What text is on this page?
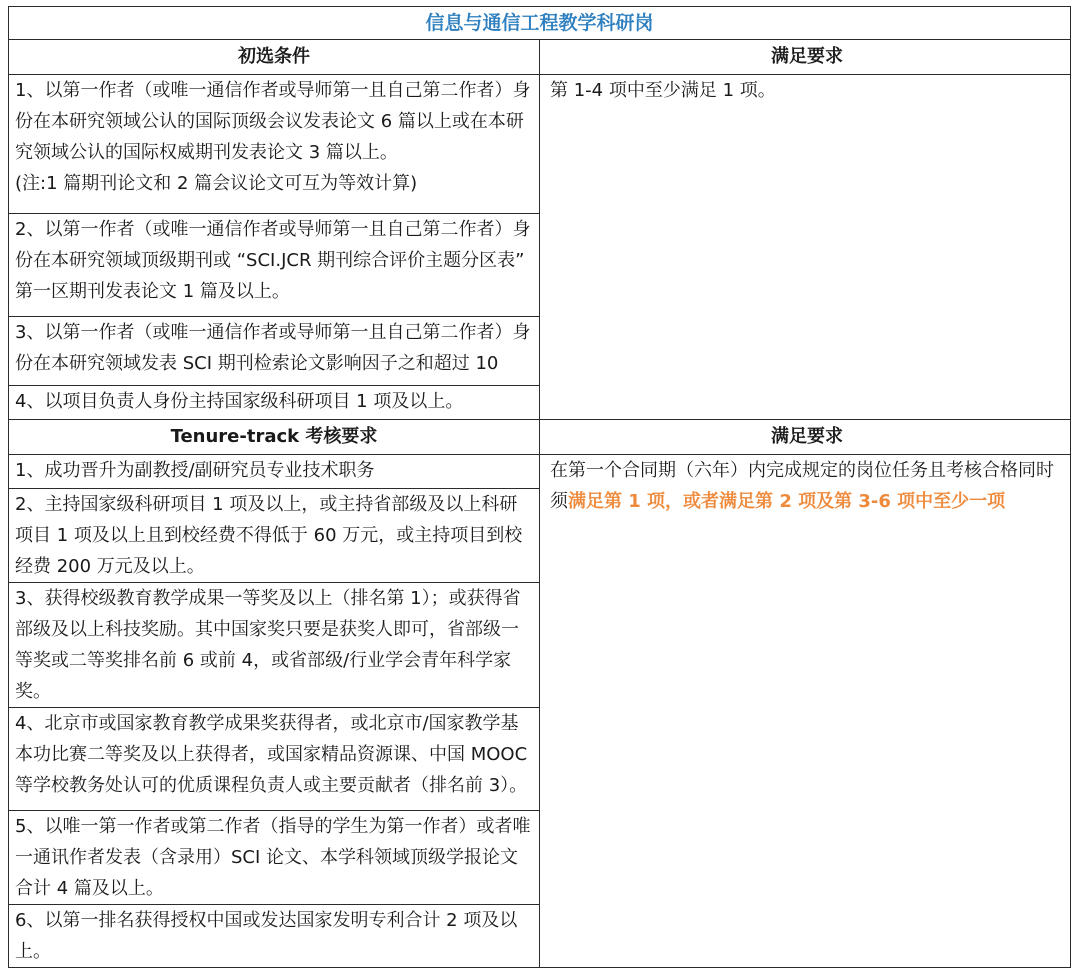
信息与通信工程教学科研岗	
初选条件	满足要求

1、以第一作者（或唯一通信作者或导师第一且自己第二作者）身份在本研究领域公认的国际顶级会议发表论文 6 篇以上或在本研究领域公认的国际权威期刊发表论文 3 篇以上。
(注:1 篇期刊论文和 2 篇会议论文可互为等效计算)	第 1-4 项中至少满足 1 项。

2、以第一作者（或唯一通信作者或导师第一且自己第二作者）身份在本研究领域顶级期刊或 “SCI.JCR 期刊综合评价主题分区表” 第一区期刊发表论文 1 篇及以上。	
3、以第一作者（或唯一通信作者或导师第一且自己第二作者）身份在本研究领域发表 SCI 期刊检索论文影响因子之和超过 10	
4、以项目负责人身份主持国家级科研项目 1 项及以上。	
Tenure-track 考核要求	满足要求
1、成功晋升为副教授/副研究员专业技术职务	在第一个合同期（六年）内完成规定的岗位任务且考核合格同时须满足第 1 项，或者满足第 2 项及第 3-6 项中至少一项
2、主持国家级科研项目 1 项及以上，或主持省部级及以上科研项目 1 项及以上且到校经费不得低于 60 万元，或主持项目到校经费 200 万元及以上。	
3、获得校级教育教学成果一等奖及以上（排名第 1）；或获得省部级及以上科技奖励。其中国家奖只要是获奖人即可，省部级一等奖或二等奖排名前 6 或前 4，或省部级/行业学会青年科学家奖。	
4、北京市或国家教育教学成果奖获得者，或北京市/国家教学基本功比赛二等奖及以上获得者，或国家精品资源课、中国 MOOC 等学校教务处认可的优质课程负责人或主要贡献者（排名前 3）。	
5、以唯一第一作者或第二作者（指导的学生为第一作者）或者唯一通讯作者发表（含录用）SCI 论文、本学科领域顶级学报论文合计 4 篇及以上。	
6、以第一排名获得授权中国或发达国家发明专利合计 2 项及以上。	
